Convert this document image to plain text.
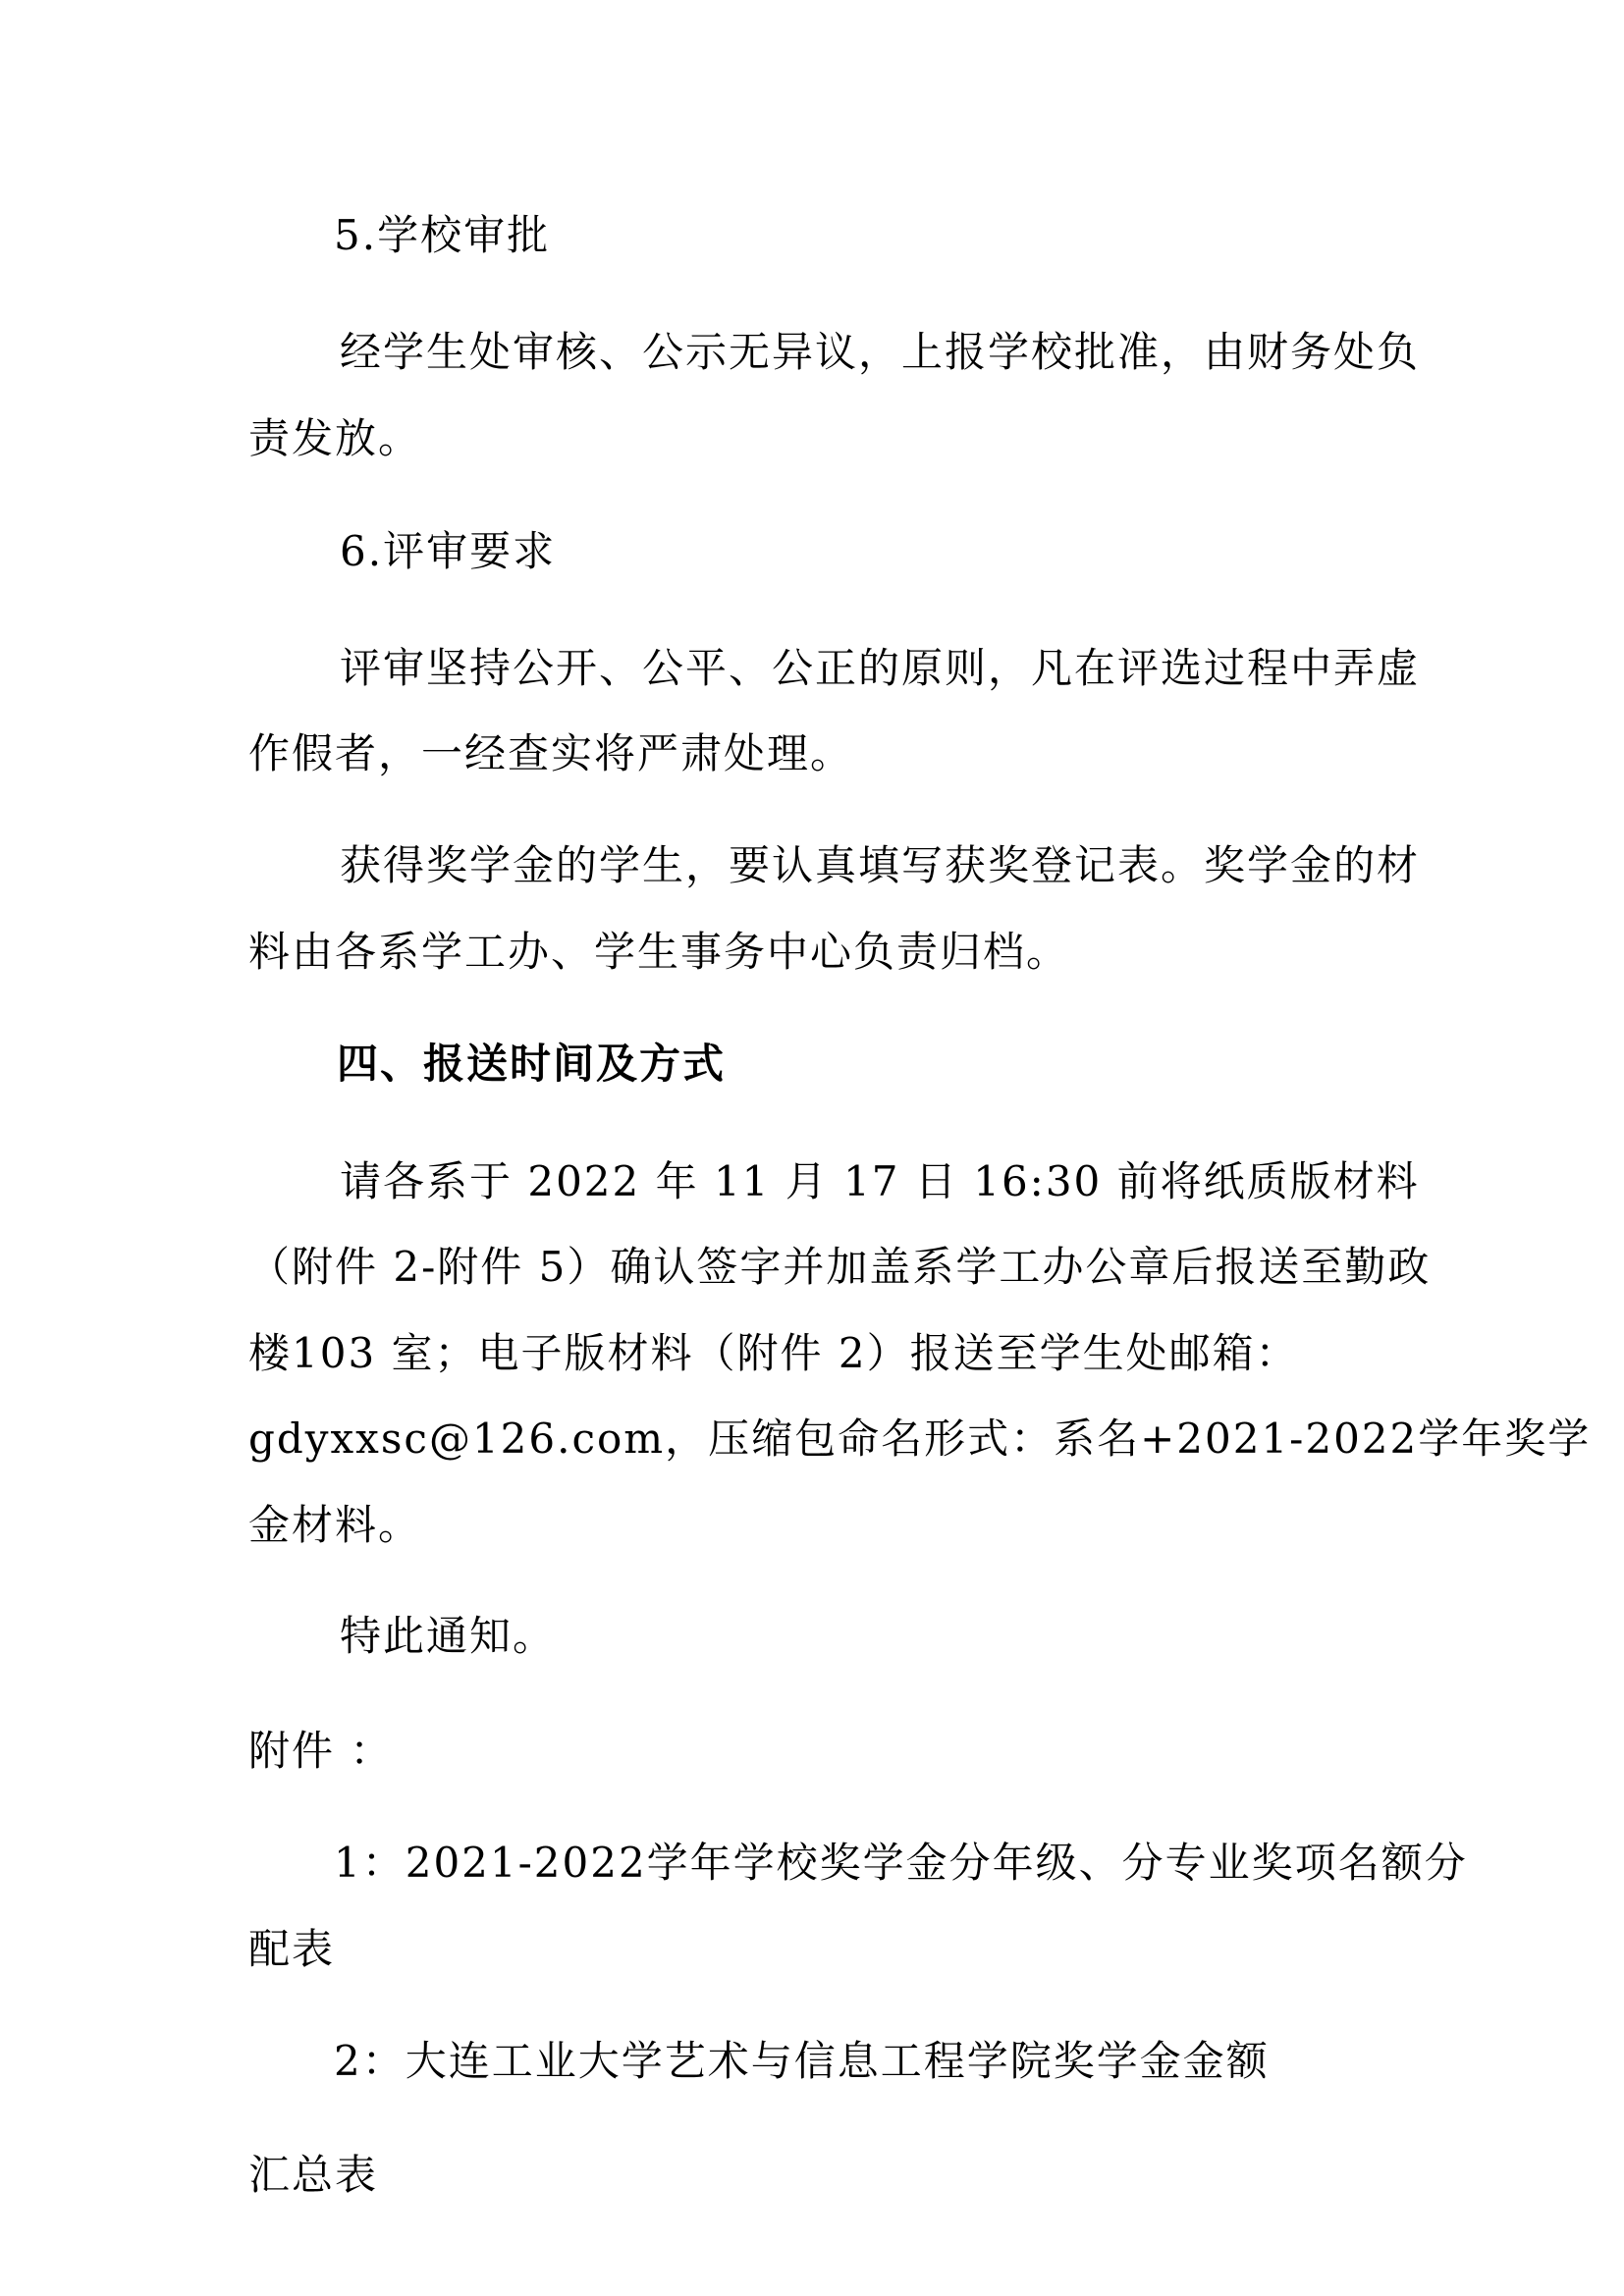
5.学校审批

经学生处审核、公示无异议，上报学校批准，由财务处负

责发放。

6.评审要求

评审坚持公开、公平、公正的原则，凡在评选过程中弄虚

作假者，一经查实将严肃处理。

获得奖学金的学生，要认真填写获奖登记表。奖学金的材

料由各系学工办、学生事务中心负责归档。

四、报送时间及方式

请各系于 2022 年 11 月 17 日 16:30 前将纸质版材料

（附件 2-附件 5）确认签字并加盖系学工办公章后报送至勤政

楼103 室；电子版材料（附件 2）报送至学生处邮箱：

gdyxxsc@126.com，压缩包命名形式：系名+2021-2022学年奖学

金材料。

特此通知。

附件 ：

1：2021-2022学年学校奖学金分年级、分专业奖项名额分

配表

2：大连工业大学艺术与信息工程学院奖学金金额

汇总表
